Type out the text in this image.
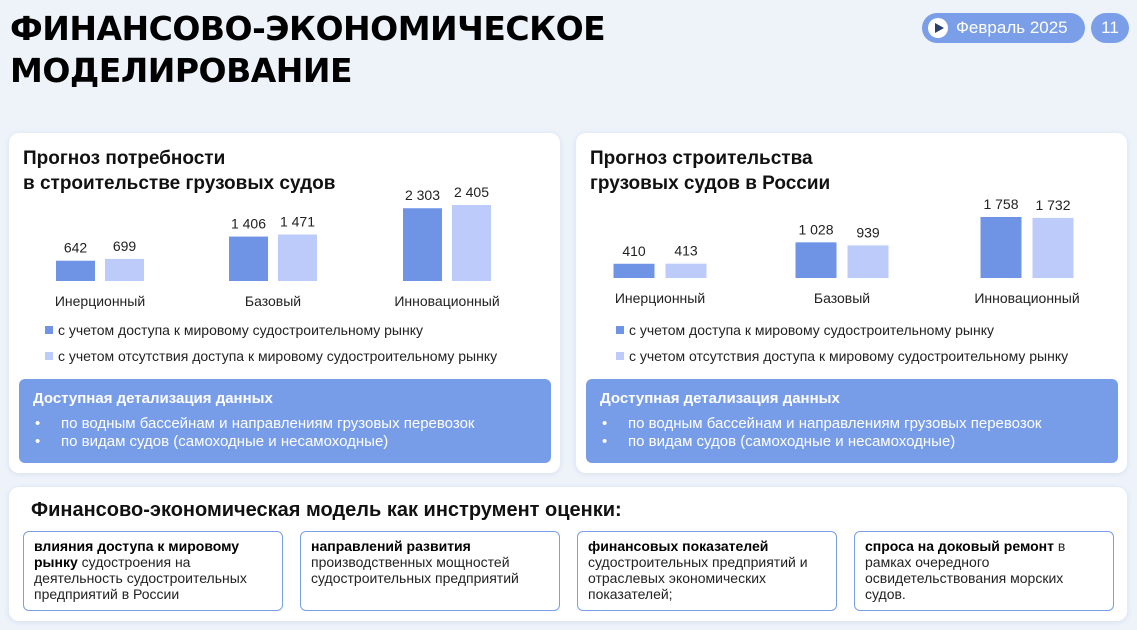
ФИНАНСОВО-ЭКОНОМИЧЕСКОЕ
МОДЕЛИРОВАНИЕ
Февраль 2025	11
Прогноз потребности
в строительстве грузовых судов
642 699
Инерционный
1 406 1 471
Базовый
2 303 2 405
Инновационный
с учетом доступа к мировому судостроительному рынку
с учетом отсутствия доступа к мировому судостроительному рынку
Доступная детализация данных
•	по водным бассейнам и направлениям грузовых перевозок
•	по видам судов (самоходные и несамоходные)
Прогноз строительства
грузовых судов в России
410 413
Инерционный
1 028 939
Базовый
1 758 1 732
Инновационный
с учетом доступа к мировому судостроительному рынку
с учетом отсутствия доступа к мировому судостроительному рынку
Доступная детализация данных
•	по водным бассейнам и направлениям грузовых перевозок
•	по видам судов (самоходные и несамоходные)
Финансово-экономическая модель как инструмент оценки:
влияния доступа к мировому рынку судостроения на деятельность судостроительных предприятий в России
направлений развития производственных мощностей судостроительных предприятий
финансовых показателей судостроительных предприятий и отраслевых экономических показателей;
спроса на доковый ремонт в рамках очередного освидетельствования морских судов.
